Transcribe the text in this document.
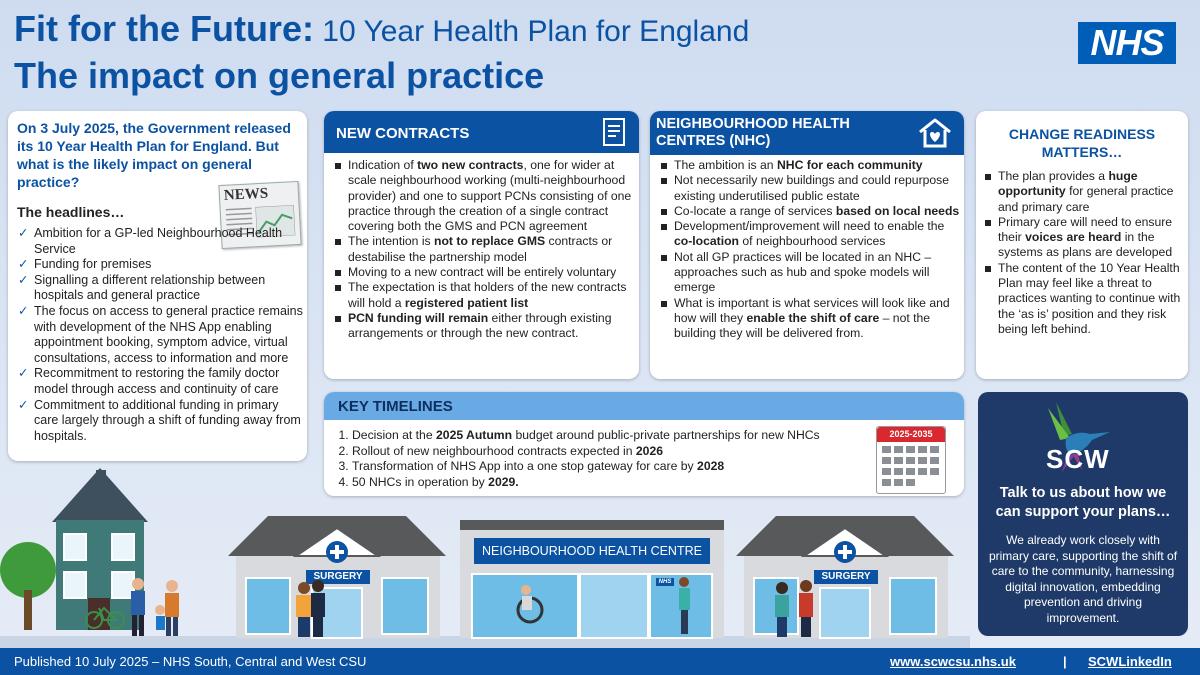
Fit for the Future: 10 Year Health Plan for England
The impact on general practice
NHS
On 3 July 2025, the Government released its 10 Year Health Plan for England. But what is the likely impact on general practice?
The headlines…
NEWS
✓ Ambition for a GP-led Neighbourhood Health Service
✓ Funding for premises
✓ Signalling a different relationship between hospitals and general practice
✓ The focus on access to general practice remains with development of the NHS App enabling appointment booking, symptom advice, virtual consultations, access to information and more
✓ Recommitment to restoring the family doctor model through access and continuity of care
✓ Commitment to additional funding in primary care largely through a shift of funding away from hospitals.
NEW CONTRACTS
Indication of two new contracts, one for wider at scale neighbourhood working (multi-neighbourhood provider) and one to support PCNs consisting of one practice through the creation of a single contract covering both the GMS and PCN agreement
The intention is not to replace GMS contracts or destabilise the partnership model
Moving to a new contract will be entirely voluntary
The expectation is that holders of the new contracts will hold a registered patient list
PCN funding will remain either through existing arrangements or through the new contract.
NEIGHBOURHOOD HEALTH CENTRES (NHC)
The ambition is an NHC for each community
Not necessarily new buildings and could repurpose existing underutilised public estate
Co-locate a range of services based on local needs
Development/improvement will need to enable the co-location of neighbourhood services
Not all GP practices will be located in an NHC – approaches such as hub and spoke models will emerge
What is important is what services will look like and how will they enable the shift of care – not the building they will be delivered from.
CHANGE READINESS MATTERS…
The plan provides a huge opportunity for general practice and primary care
Primary care will need to ensure their voices are heard in the systems as plans are developed
The content of the 10 Year Health Plan may feel like a threat to practices wanting to continue with the ‘as is’ position and they risk being left behind.
KEY TIMELINES
1. Decision at the 2025 Autumn budget around public-private partnerships for new NHCs
2. Rollout of new neighbourhood contracts expected in 2026
3. Transformation of NHS App into a one stop gateway for care by 2028
4. 50 NHCs in operation by 2029.
2025-2035
SCW
Talk to us about how we can support your plans…
We already work closely with primary care, supporting the shift of care to the community, harnessing digital innovation, embedding prevention and driving improvement.
SURGERY
NEIGHBOURHOOD HEALTH CENTRE
NHS	SURGERY
Published 10 July 2025 – NHS South, Central and West CSU	www.scwcsu.nhs.uk	| SCWLinkedIn
